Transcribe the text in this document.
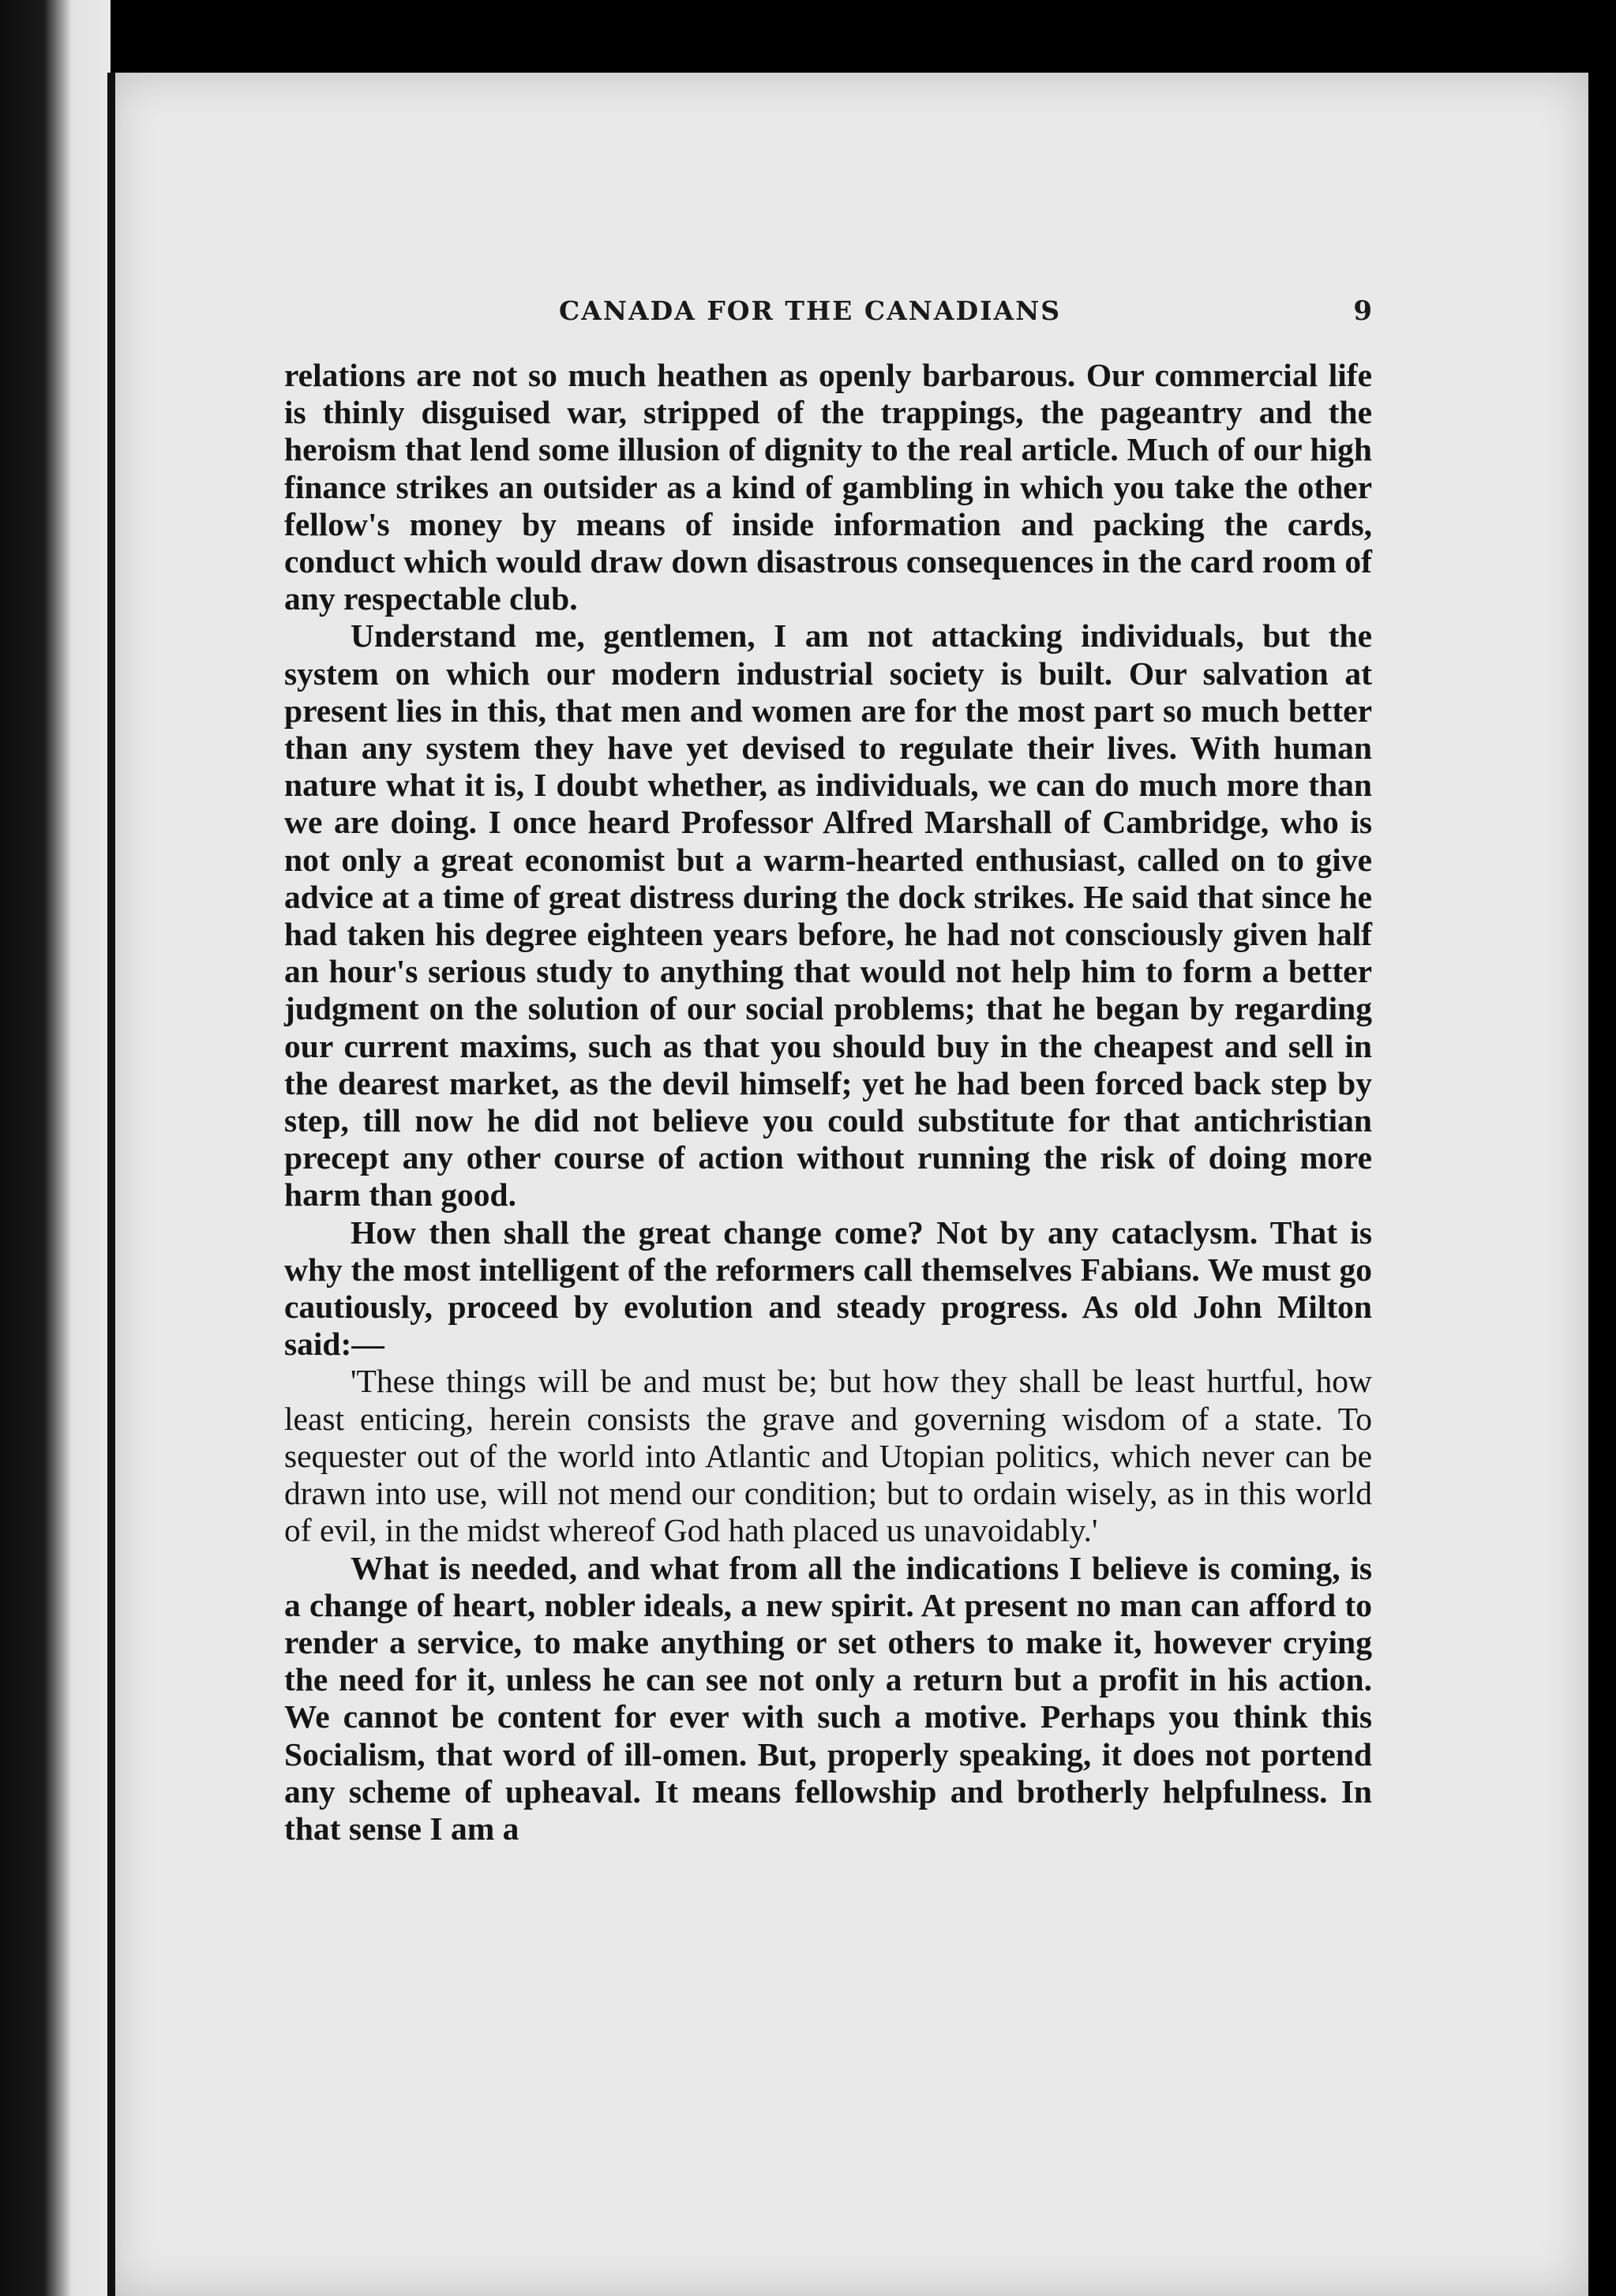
CANADA FOR THE CANADIANS	9

relations are not so much heathen as openly barbarous. Our commercial life is thinly disguised war, stripped of the trappings, the pageantry and the heroism that lend some illusion of dignity to the real article. Much of our high finance strikes an outsider as a kind of gambling in which you take the other fellow's money by means of inside information and packing the cards, conduct which would draw down disastrous consequences in the card room of any respectable club.

Understand me, gentlemen, I am not attacking individuals, but the system on which our modern industrial society is built. Our salvation at present lies in this, that men and women are for the most part so much better than any system they have yet devised to regulate their lives. With human nature what it is, I doubt whether, as individuals, we can do much more than we are doing. I once heard Professor Alfred Marshall of Cambridge, who is not only a great economist but a warm-hearted enthusiast, called on to give advice at a time of great distress during the dock strikes. He said that since he had taken his degree eighteen years before, he had not consciously given half an hour's serious study to anything that would not help him to form a better judgment on the solution of our social problems; that he began by regarding our current maxims, such as that you should buy in the cheapest and sell in the dearest market, as the devil himself; yet he had been forced back step by step, till now he did not believe you could substitute for that antichristian precept any other course of action without running the risk of doing more harm than good.

How then shall the great change come? Not by any cataclysm. That is why the most intelligent of the reformers call themselves Fabians. We must go cautiously, proceed by evolution and steady progress. As old John Milton said:—

'These things will be and must be; but how they shall be least hurtful, how least enticing, herein consists the grave and governing wisdom of a state. To sequester out of the world into Atlantic and Utopian politics, which never can be drawn into use, will not mend our condition; but to ordain wisely, as in this world of evil, in the midst whereof God hath placed us unavoidably.'

What is needed, and what from all the indications I believe is coming, is a change of heart, nobler ideals, a new spirit. At present no man can afford to render a service, to make anything or set others to make it, however crying the need for it, unless he can see not only a return but a profit in his action. We cannot be content for ever with such a motive. Perhaps you think this Socialism, that word of ill-omen. But, properly speaking, it does not portend any scheme of upheaval. It means fellowship and brotherly helpfulness. In that sense I am a
